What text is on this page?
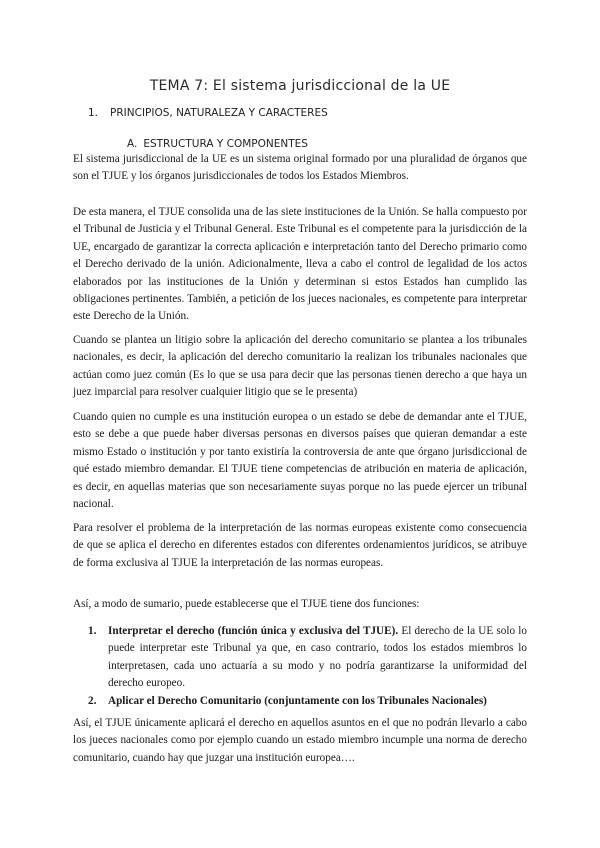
TEMA 7: El sistema jurisdiccional de la UE
1. PRINCIPIOS, NATURALEZA Y CARACTERES
A. ESTRUCTURA Y COMPONENTES

El sistema jurisdiccional de la UE es un sistema original formado por una pluralidad de órganos que son el TJUE y los órganos jurisdiccionales de todos los Estados Miembros.

De esta manera, el TJUE consolida una de las siete instituciones de la Unión. Se halla compuesto por el Tribunal de Justicia y el Tribunal General. Este Tribunal es el competente para la jurisdicción de la UE, encargado de garantizar la correcta aplicación e interpretación tanto del Derecho primario como el Derecho derivado de la unión. Adicionalmente, lleva a cabo el control de legalidad de los actos elaborados por las instituciones de la Unión y determinan si estos Estados han cumplido las obligaciones pertinentes. También, a petición de los jueces nacionales, es competente para interpretar este Derecho de la Unión.

Cuando se plantea un litigio sobre la aplicación del derecho comunitario se plantea a los tribunales nacionales, es decir, la aplicación del derecho comunitario la realizan los tribunales nacionales que actúan como juez común (Es lo que se usa para decir que las personas tienen derecho a que haya un juez imparcial para resolver cualquier litigio que se le presenta)

Cuando quien no cumple es una institución europea o un estado se debe de demandar ante el TJUE, esto se debe a que puede haber diversas personas en diversos países que quieran demandar a este mismo Estado o institución y por tanto existiría la controversia de ante que órgano jurisdiccional de qué estado miembro demandar. El TJUE tiene competencias de atribución en materia de aplicación, es decir, en aquellas materias que son necesariamente suyas porque no las puede ejercer un tribunal nacional.

Para resolver el problema de la interpretación de las normas europeas existente como consecuencia de que se aplica el derecho en diferentes estados con diferentes ordenamientos jurídicos, se atribuye de forma exclusiva al TJUE la interpretación de las normas europeas.

Así, a modo de sumario, puede establecerse que el TJUE tiene dos funciones:

1. Interpretar el derecho (función única y exclusiva del TJUE). El derecho de la UE solo lo puede interpretar este Tribunal ya que, en caso contrario, todos los estados miembros lo interpretasen, cada uno actuaría a su modo y no podría garantizarse la uniformidad del derecho europeo.
2. Aplicar el Derecho Comunitario (conjuntamente con los Tribunales Nacionales)

Así, el TJUE únicamente aplicará el derecho en aquellos asuntos en el que no podrán llevarlo a cabo los jueces nacionales como por ejemplo cuando un estado miembro incumple una norma de derecho comunitario, cuando hay que juzgar una institución europea….
